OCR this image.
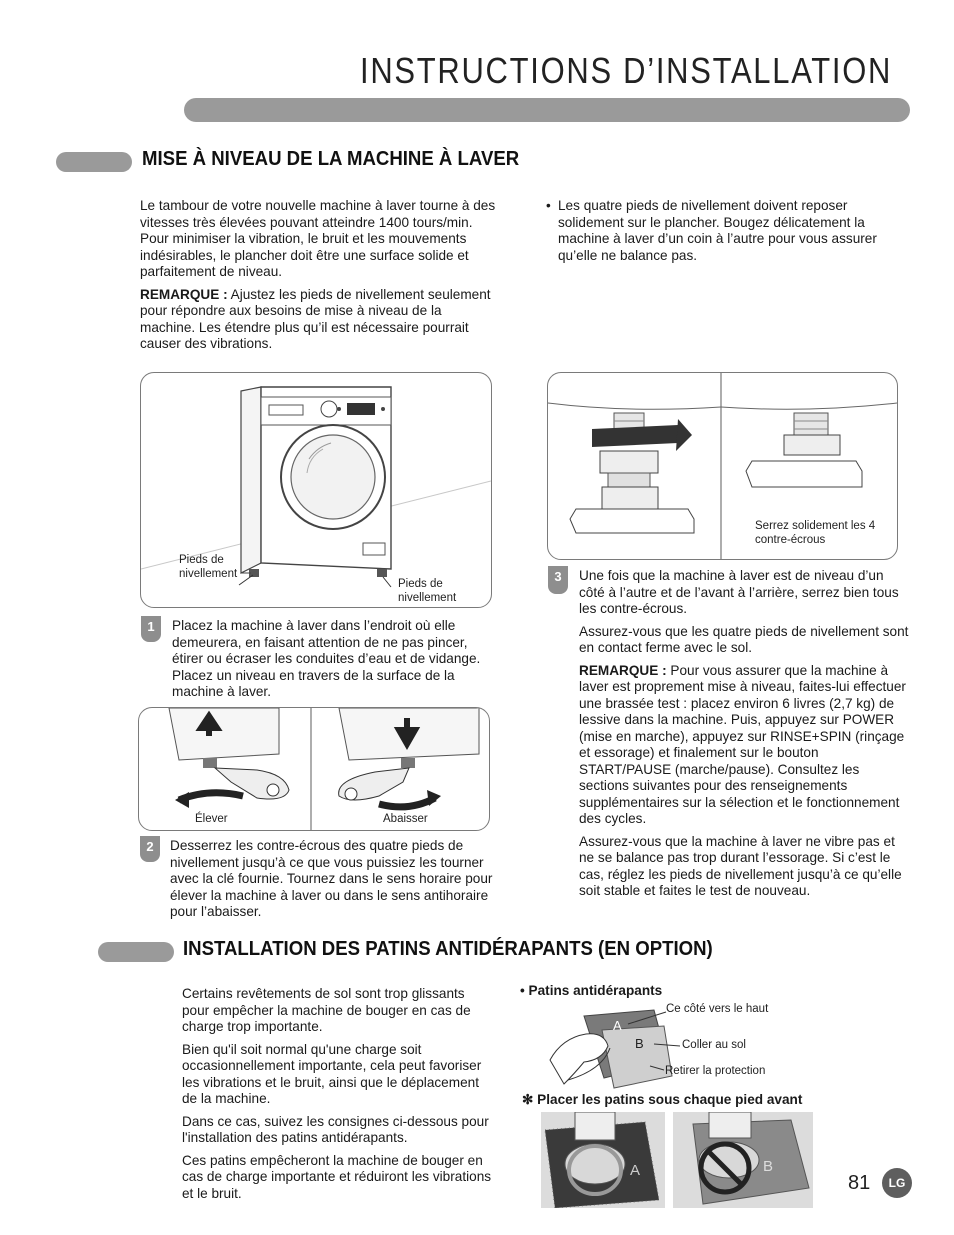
INSTRUCTIONS D’INSTALLATION
MISE À NIVEAU DE LA MACHINE À LAVER

Le tambour de votre nouvelle machine à laver tourne à des vitesses très élevées pouvant atteindre 1400 tours/min. Pour minimiser la vibration, le bruit et les mouvements indésirables, le plancher doit être une surface solide et parfaitement de niveau.

REMARQUE : Ajustez les pieds de nivellement seulement pour répondre aux besoins de mise à niveau de la machine. Les étendre plus qu’il est nécessaire pourrait causer des vibrations.

• Les quatre pieds de nivellement doivent reposer solidement sur le plancher. Bougez délicatement la machine à laver d’un coin à l’autre pour vous assurer qu’elle ne balance pas.
Pieds de nivellement
Pieds de nivellement
1	Placez la machine à laver dans l’endroit où elle demeurera, en faisant attention de ne pas pincer, étirer ou écraser les conduites d’eau et de vidange. Placez un niveau en travers de la surface de la machine à laver.
Élever	Abaisser
2	Desserrez les contre-écrous des quatre pieds de nivellement jusqu’à ce que vous puissiez les tourner avec la clé fournie. Tournez dans le sens horaire pour élever la machine à laver ou dans le sens antihoraire pour l’abaisser.
Serrez solidement les 4 contre-écrous
3	Une fois que la machine à laver est de niveau d’un côté à l’autre et de l’avant à l’arrière, serrez bien tous les contre-écrous.

Assurez-vous que les quatre pieds de nivellement sont en contact ferme avec le sol.

REMARQUE : Pour vous assurer que la machine à laver est proprement mise à niveau, faites-lui effectuer une brassée test : placez environ 6 livres (2,7 kg) de lessive dans la machine. Puis, appuyez sur POWER (mise en marche), appuyez sur RINSE+SPIN (rinçage et essorage) et finalement sur le bouton START/PAUSE (marche/pause). Consultez les sections suivantes pour des renseignements supplémentaires sur la sélection et le fonctionnement des cycles.

Assurez-vous que la machine à laver ne vibre pas et ne se balance pas trop durant l’essorage. Si c’est le cas, réglez les pieds de nivellement jusqu’à ce qu’elle soit stable et faites le test de nouveau.

INSTALLATION DES PATINS ANTIDÉRAPANTS (EN OPTION)

Certains revêtements de sol sont trop glissants pour empêcher la machine de bouger en cas de charge trop importante.

Bien qu'il soit normal qu'une charge soit occasionnellement importante, cela peut favoriser les vibrations et le bruit, ainsi que le déplacement de la machine.

Dans ce cas, suivez les consignes ci-dessous pour l'installation des patins antidérapants.

Ces patins empêcheront la machine de bouger en cas de charge importante et réduiront les vibrations et le bruit.

• Patins antidérapants
A
B
Ce côté vers le haut
Coller au sol
Retirer la protection
✻ Placer les patins sous chaque pied avant
A	B
81	LG
